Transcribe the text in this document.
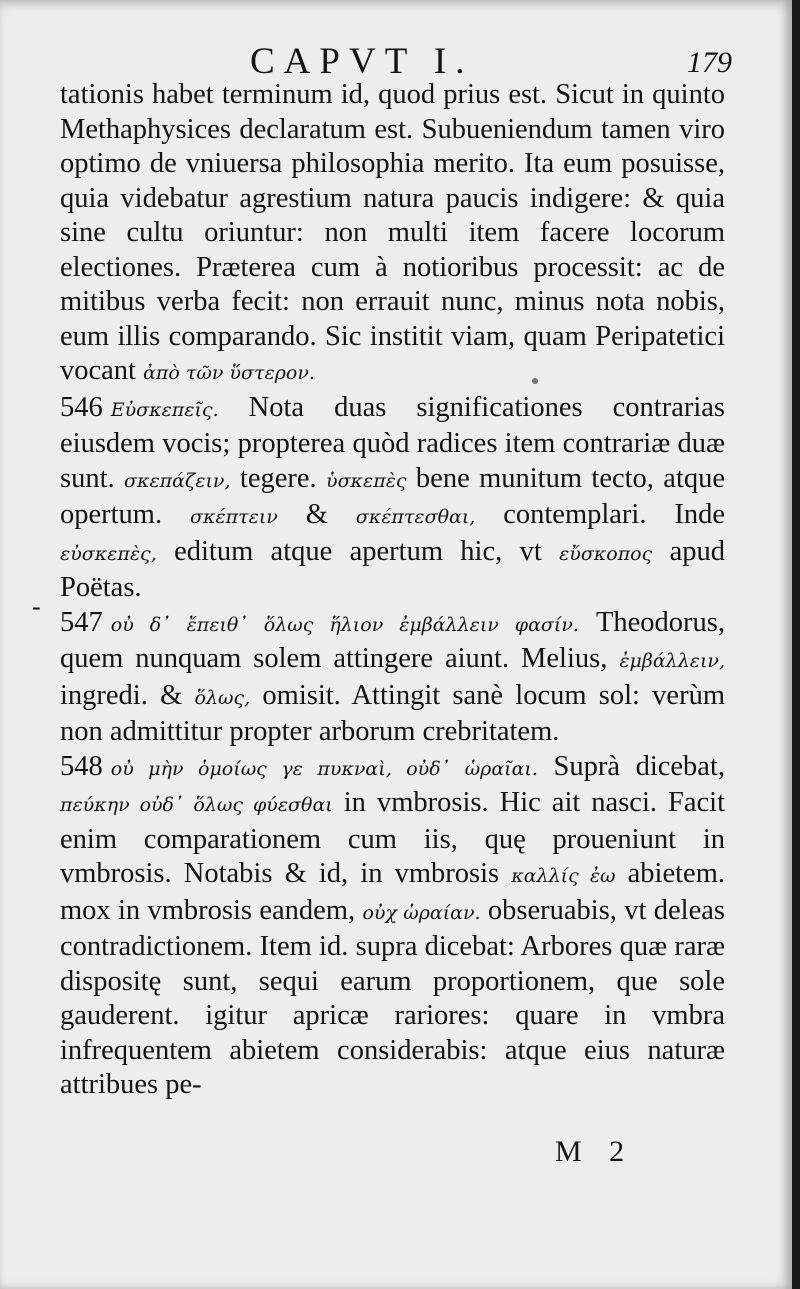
CAPVT I.	179
-

tationis habet terminum id, quod prius est. Sicut in quinto Methaphysices declaratum est. Subueniendum tamen viro optimo de vniuersa philosophia merito. Ita eum posuisse, quia videbatur agrestium natura paucis indigere: & quia sine cultu oriuntur: non multi item facere locorum electiones. Præterea cum à notioribus processit: ac de mitibus verba fecit: non errauit nunc, minus nota nobis, eum illis comparando. Sic institit viam, quam Peripatetici vocant ἀπὸ τῶν ὕστερον.

546 Εὐσκεπεῖς. Nota duas significationes contrarias eiusdem vocis; propterea quòd radices item contrariæ duæ sunt. σκεπάζειν, tegere. ὑσκεπὲς bene munitum tecto, atque opertum. σκέπτειν & σκέπτεσθαι, contemplari. Inde εὐσκεπὲς, editum atque apertum hic, vt εὔσκοπος apud Poëtas.

547 οὐ δ᾽ ἔπειθ᾽ ὅλως ἥλιον ἐμβάλλειν φασίν. Theodorus, quem nunquam solem attingere aiunt. Melius, ἐμβάλλειν, ingredi. & ὅλως, omisit. Attingit sanè locum sol: verùm non admittitur propter arborum crebritatem.

548 οὐ μὴν ὁμοίως γε πυκναὶ, οὐδ᾽ ὡραῖαι. Suprà dicebat, πεύκην οὐδ᾽ ὅλως φύεσθαι in vmbrosis. Hic ait nasci. Facit enim comparationem cum iis, quę proueniunt in vmbrosis. Notabis & id, in vmbrosis καλλίς ἐω abietem. mox in vmbrosis eandem, οὐχ ὡραίαν. obseruabis, vt deleas contradictionem. Item id. supra dicebat: Arbores quæ raræ dispositę sunt, sequi earum proportionem, que sole gauderent. igitur apricæ rariores: quare in vmbra infrequentem abietem considerabis: atque eius naturæ attribues pe-

M 2
